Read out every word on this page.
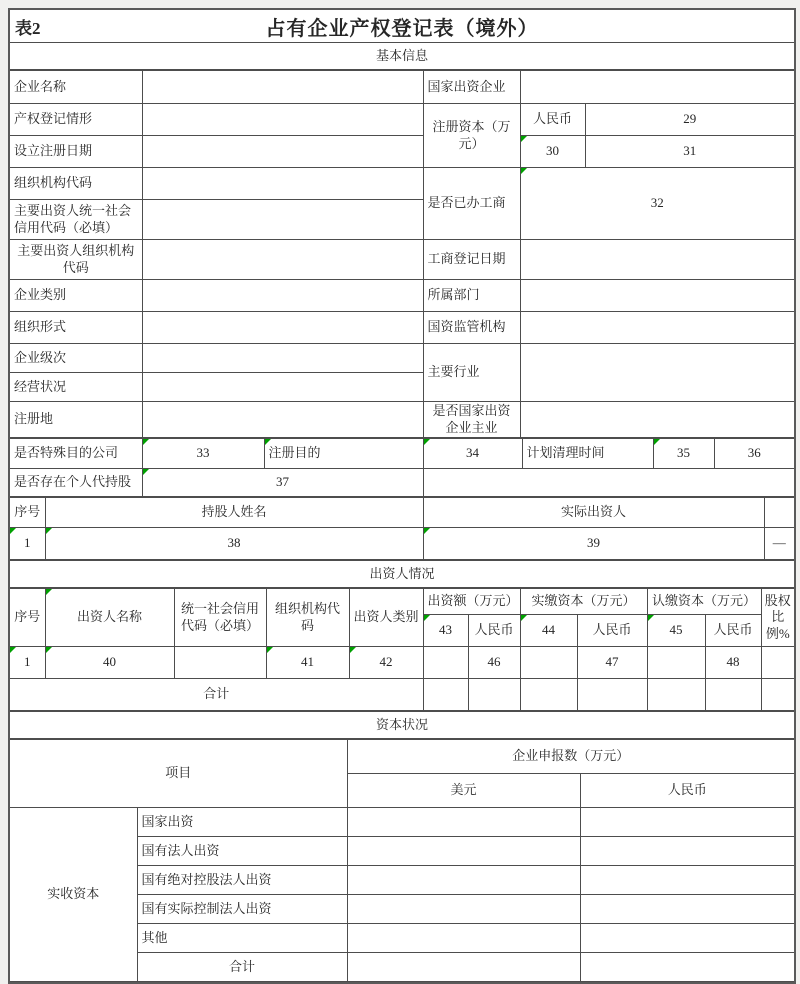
表2	占有企业产权登记表（境外）
基本信息
企业名称		国家出资企业		
产权登记情形		注册资本（万元）	人民币	29
设立注册日期			30	31
组织机构代码		是否已办工商	32	
主要出资人统一社会信用代码（必填）				
主要出资人组织机构代码		工商登记日期		
企业类别		所属部门		
组织形式		国资监管机构		
企业级次		主要行业		
经营状况				
注册地		是否国家出资企业主业		
是否特殊目的公司	33	注册目的	34	计划清理时间	35	36
是否存在个人代持股	37					
序号	持股人姓名	实际出资人	
1	38	39	—
出资人情况
序号	出资人名称	统一社会信用代码（必填）	组织机构代码	出资人类别	出资额（万元）		实缴资本（万元）		认缴资本（万元）		股权比例%
					43	人民币	44	人民币	45	人民币	
1	40		41	42		46		47		48	
合计											
资本状况
项目		企业申报数（万元）	
		美元	人民币
实收资本	国家出资		
	国有法人出资		
	国有绝对控股法人出资		
	国有实际控制法人出资		
	其他		
	合计		
